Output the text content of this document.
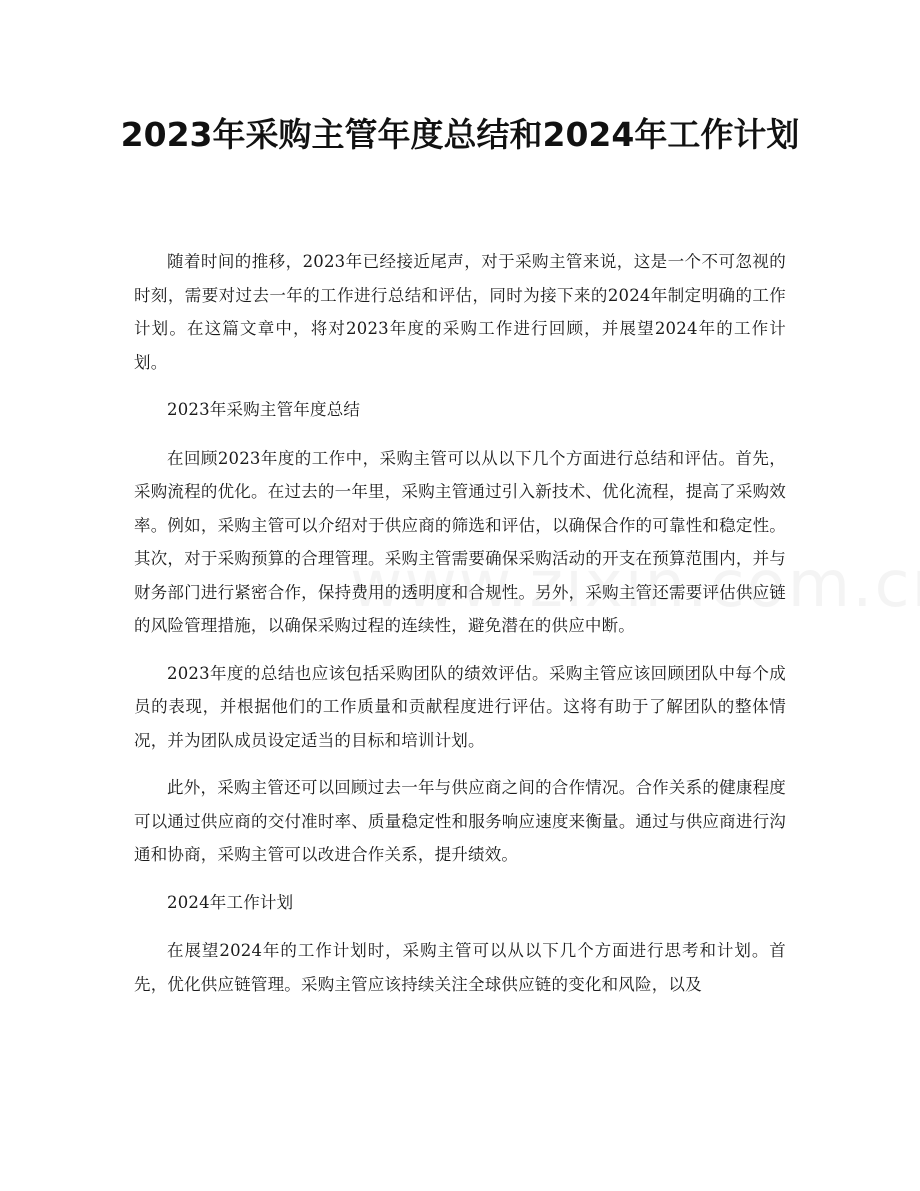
2023年采购主管年度总结和2024年工作计划

随着时间的推移，2023年已经接近尾声，对于采购主管来说，这是一个不可忽视的时刻，需要对过去一年的工作进行总结和评估，同时为接下来的2024年制定明确的工作计划。在这篇文章中，将对2023年度的采购工作进行回顾，并展望2024年的工作计划。

2023年采购主管年度总结

在回顾2023年度的工作中，采购主管可以从以下几个方面进行总结和评估。首先，采购流程的优化。在过去的一年里，采购主管通过引入新技术、优化流程，提高了采购效率。例如，采购主管可以介绍对于供应商的筛选和评估，以确保合作的可靠性和稳定性。其次，对于采购预算的合理管理。采购主管需要确保采购活动的开支在预算范围内，并与财务部门进行紧密合作，保持费用的透明度和合规性。另外，采购主管还需要评估供应链的风险管理措施，以确保采购过程的连续性，避免潜在的供应中断。

2023年度的总结也应该包括采购团队的绩效评估。采购主管应该回顾团队中每个成员的表现，并根据他们的工作质量和贡献程度进行评估。这将有助于了解团队的整体情况，并为团队成员设定适当的目标和培训计划。

此外，采购主管还可以回顾过去一年与供应商之间的合作情况。合作关系的健康程度可以通过供应商的交付准时率、质量稳定性和服务响应速度来衡量。通过与供应商进行沟通和协商，采购主管可以改进合作关系，提升绩效。

2024年工作计划

在展望2024年的工作计划时，采购主管可以从以下几个方面进行思考和计划。首先，优化供应链管理。采购主管应该持续关注全球供应链的变化和风险，以及
